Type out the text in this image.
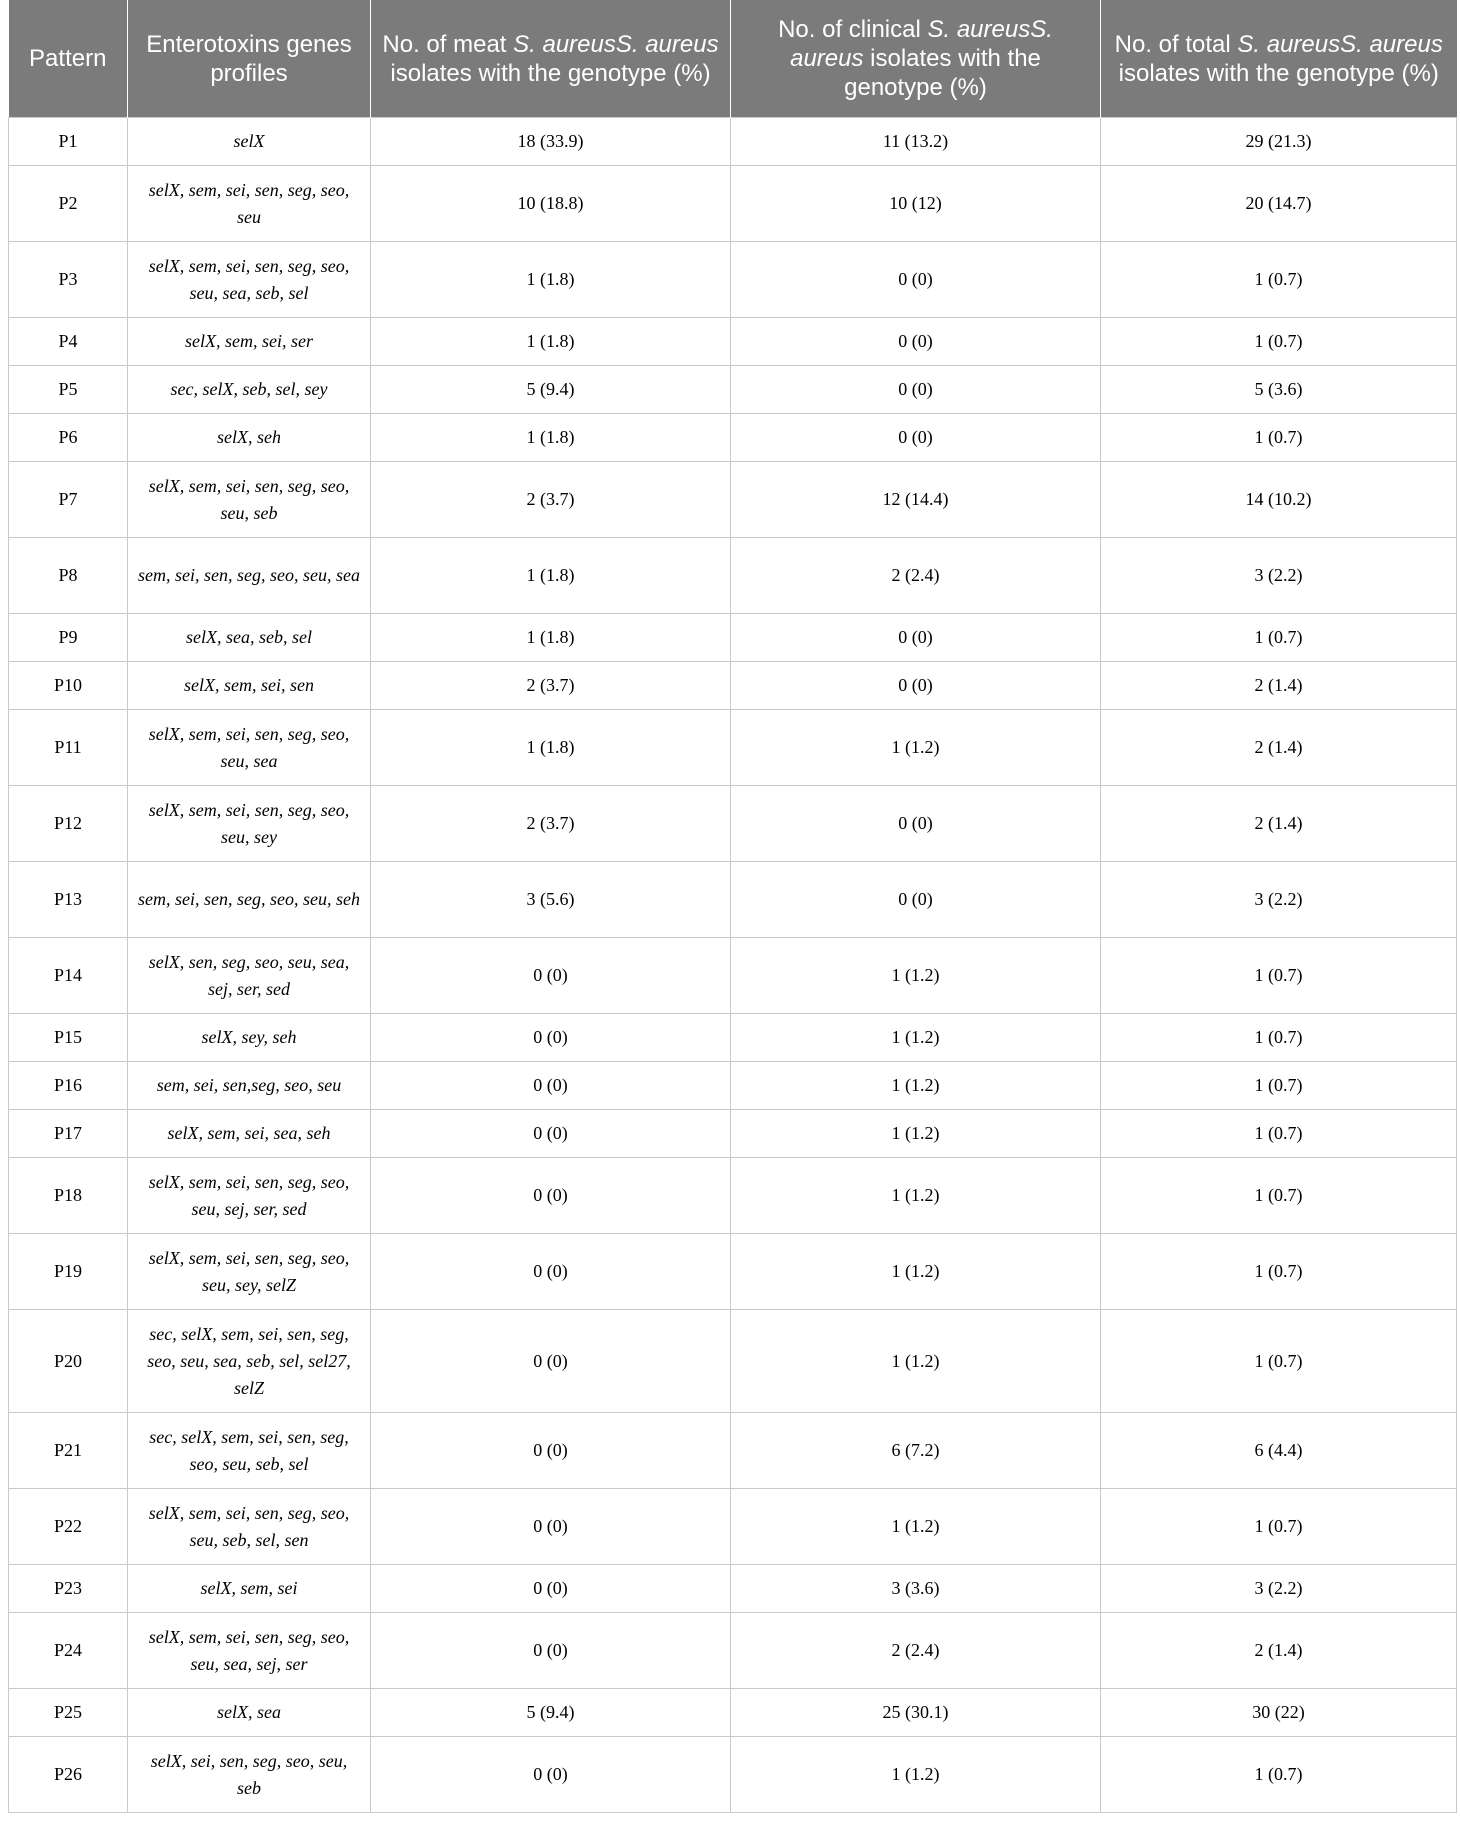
Pattern	Enterotoxins genes profiles	No. of meat S. aureusS. aureus isolates with the genotype (%)	No. of clinical S. aureusS. aureus isolates with the genotype (%)	No. of total S. aureusS. aureus isolates with the genotype (%)
P1	selX	18 (33.9)	11 (13.2)	29 (21.3)
P2	selX, sem, sei, sen, seg, seo, seu	10 (18.8)	10 (12)	20 (14.7)
P3	selX, sem, sei, sen, seg, seo, seu, sea, seb, sel	1 (1.8)	0 (0)	1 (0.7)
P4	selX, sem, sei, ser	1 (1.8)	0 (0)	1 (0.7)
P5	sec, selX, seb, sel, sey	5 (9.4)	0 (0)	5 (3.6)
P6	selX, seh	1 (1.8)	0 (0)	1 (0.7)
P7	selX, sem, sei, sen, seg, seo, seu, seb	2 (3.7)	12 (14.4)	14 (10.2)
P8	sem, sei, sen, seg, seo, seu, sea	1 (1.8)	2 (2.4)	3 (2.2)
P9	selX, sea, seb, sel	1 (1.8)	0 (0)	1 (0.7)
P10	selX, sem, sei, sen	2 (3.7)	0 (0)	2 (1.4)
P11	selX, sem, sei, sen, seg, seo, seu, sea	1 (1.8)	1 (1.2)	2 (1.4)
P12	selX, sem, sei, sen, seg, seo, seu, sey	2 (3.7)	0 (0)	2 (1.4)
P13	sem, sei, sen, seg, seo, seu, seh	3 (5.6)	0 (0)	3 (2.2)
P14	selX, sen, seg, seo, seu, sea, sej, ser, sed	0 (0)	1 (1.2)	1 (0.7)
P15	selX, sey, seh	0 (0)	1 (1.2)	1 (0.7)
P16	sem, sei, sen,seg, seo, seu	0 (0)	1 (1.2)	1 (0.7)
P17	selX, sem, sei, sea, seh	0 (0)	1 (1.2)	1 (0.7)
P18	selX, sem, sei, sen, seg, seo, seu, sej, ser, sed	0 (0)	1 (1.2)	1 (0.7)
P19	selX, sem, sei, sen, seg, seo, seu, sey, selZ	0 (0)	1 (1.2)	1 (0.7)
P20	sec, selX, sem, sei, sen, seg, seo, seu, sea, seb, sel, sel27, selZ	0 (0)	1 (1.2)	1 (0.7)
P21	sec, selX, sem, sei, sen, seg, seo, seu, seb, sel	0 (0)	6 (7.2)	6 (4.4)
P22	selX, sem, sei, sen, seg, seo, seu, seb, sel, sen	0 (0)	1 (1.2)	1 (0.7)
P23	selX, sem, sei	0 (0)	3 (3.6)	3 (2.2)
P24	selX, sem, sei, sen, seg, seo, seu, sea, sej, ser	0 (0)	2 (2.4)	2 (1.4)
P25	selX, sea	5 (9.4)	25 (30.1)	30 (22)
P26	selX, sei, sen, seg, seo, seu, seb	0 (0)	1 (1.2)	1 (0.7)
